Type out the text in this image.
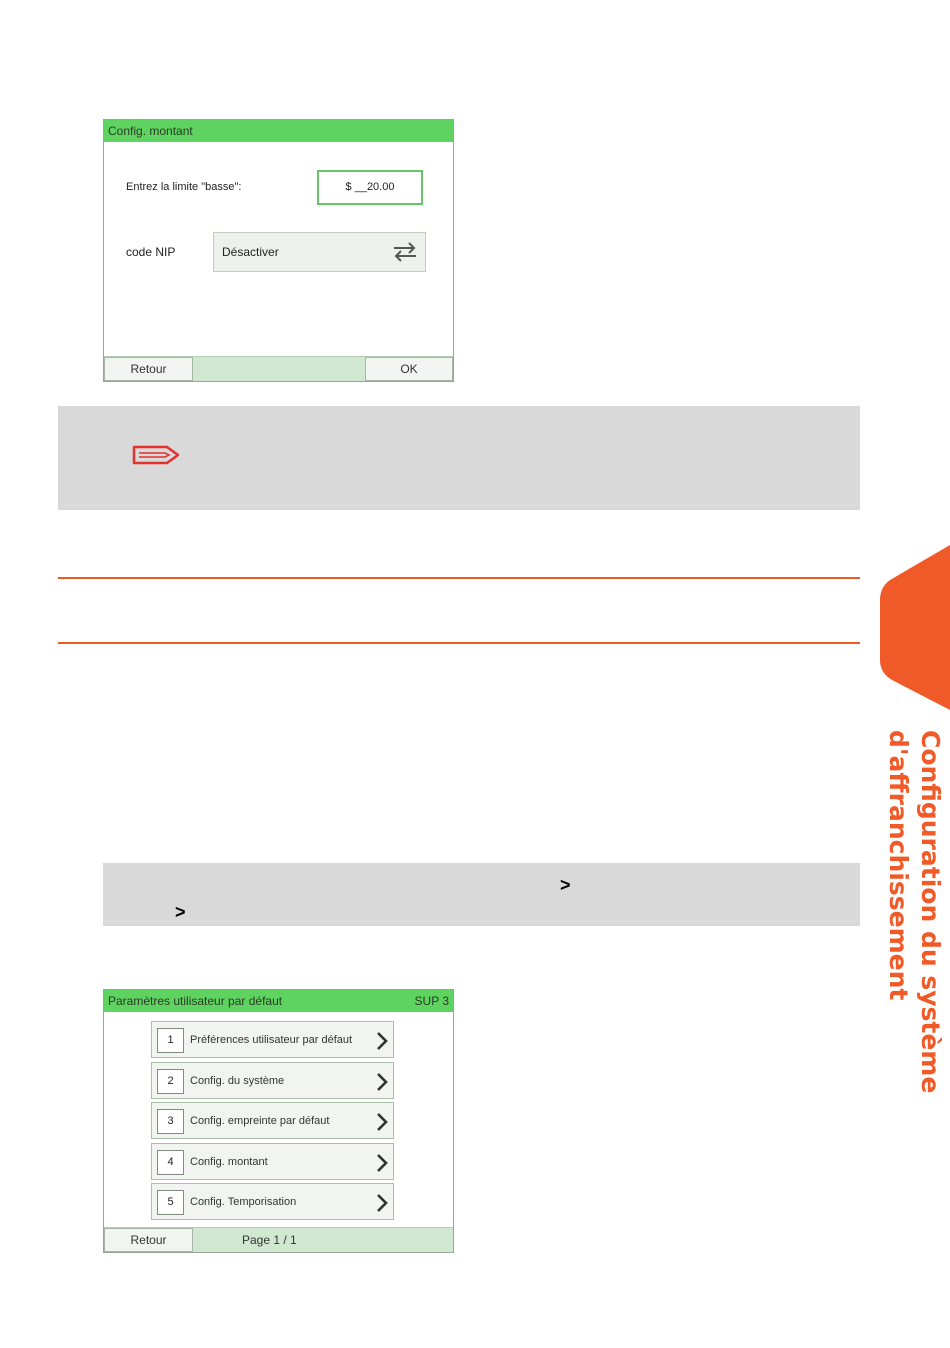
Config. montant
Entrez la limite "basse":	$ __20.00
code NIP	Désactiver
Retour	OK
>
>
Paramètres utilisateur par défaut	SUP 3
1	Préférences utilisateur par défaut
2	Config. du système
3	Config. empreinte par défaut
4	Config. montant
5	Config. Temporisation
Retour	Page 1 / 1
Configuration du système
d'affranchissement
